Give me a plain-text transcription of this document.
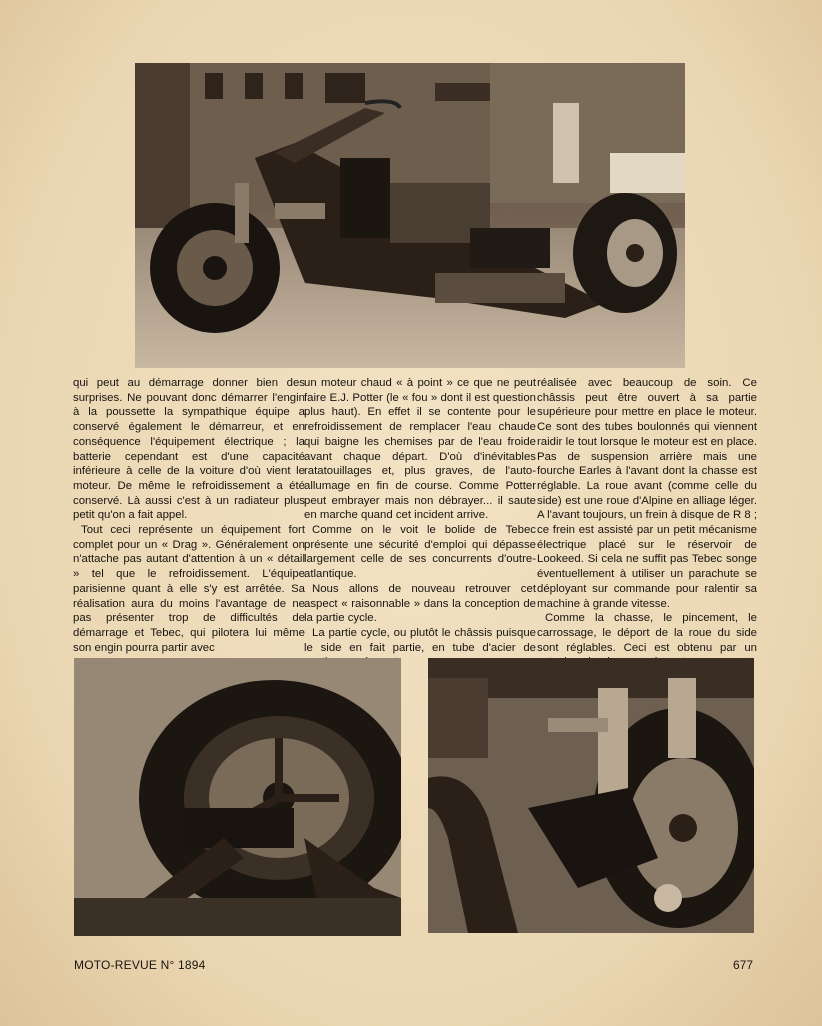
qui peut au démarrage donner bien des surprises. Ne pouvant donc démarrer l'engin à la poussette la sympathique équipe a conservé également le démarreur, et en conséquence l'équipement électrique ; la batterie cependant est d'une capacité inférieure à celle de la voiture d'où vient le moteur. De même le refroidissement a été conservé. Là aussi c'est à un radiateur plus petit qu'on a fait appel.

Tout ceci représente un équipement fort complet pour un « Drag ». Généralement on n'attache pas autant d'attention à un « détail » tel que le refroidissement. L'équipe parisienne quant à elle s'y est arrêtée. Sa réalisation aura du moins l'avantage de ne pas présenter trop de difficultés de démarrage et Tebec, qui pilotera lui même son engin pourra partir avec

un moteur chaud « à point » ce que ne peut faire E.J. Potter (le « fou » dont il est question plus haut). En effet il se contente pour le refroidissement de remplacer l'eau chaude qui baigne les chemises par de l'eau froide avant chaque départ. D'où d'inévitables ratatouillages et, plus graves, de l'auto-allumage en fin de course. Comme Potter peut embrayer mais non débrayer... il saute en marche quand cet incident arrive.

Comme on le voit le bolide de Tebec présente une sécurité d'emploi qui dépasse largement celle de ses concurrents d'outre-atlantique.

Nous allons de nouveau retrouver cet aspect « raisonnable » dans la conception de la partie cycle.

La partie cycle, ou plutôt le châssis puisque le side en fait partie, en tube d'acier de

réalisée avec beaucoup de soin. Ce châssis peut être ouvert à sa partie supérieure pour mettre en place le moteur. Ce sont des tubes boulonnés qui viennent raidir le tout lorsque le moteur est en place. Pas de suspension arrière mais une fourche Earles à l'avant dont la chasse est réglable. La roue avant (comme celle du side) est une roue d'Alpine en alliage léger. A l'avant toujours, un frein à disque de R 8 ; ce frein est assisté par un petit mécanisme électrique placé sur le réservoir de Lookeed. Si cela ne suffit pas Tebec songe éventuellement à utiliser un parachute se déployant sur commande pour ralentir sa machine à grande vitesse.

Comme la chasse, le pincement, le carrossage, le déport de la roue du side sont réglables. Ceci est obtenu par un

MOTO-REVUE N° 1894	677
